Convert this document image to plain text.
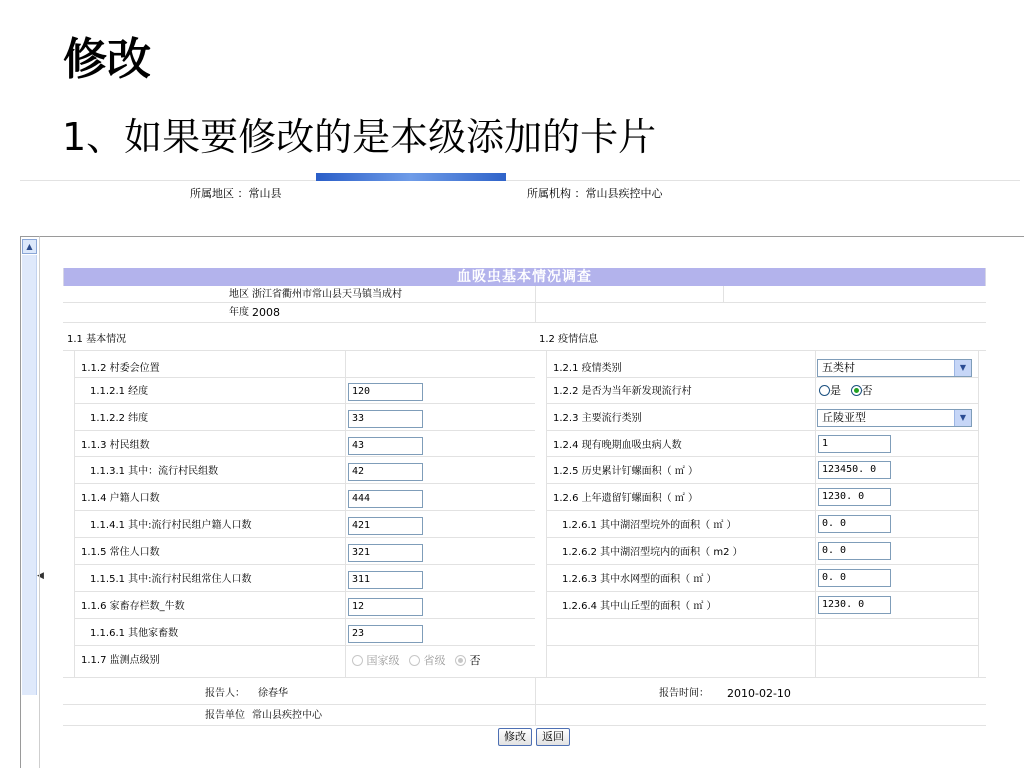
修改
1、如果要修改的是本级添加的卡片
所属地区 ：常山县	所属机构 ：常山县疾控中心
▲
◀
血吸虫基本情况调查
地区 浙江省衢州市常山县天马镇当成村
年度 2008
1.1 基本情况	1.2 疫情信息
1.1.2 村委会位置
1.1.2.1 经度	120
1.1.2.2 纬度	33
1.1.3 村民组数	43
1.1.3.1 其中：流行村民组数	42
1.1.4 户籍人口数	444
1.1.4.1 其中:流行村民组户籍人口数	421
1.1.5 常住人口数	321
1.1.5.1 其中:流行村民组常住人口数	311
1.1.6 家畜存栏数_牛数	12
1.1.6.1 其他家畜数	23
1.1.7 监测点级别	国家级 省级 否
1.2.1 疫情类别	五类村	▼
1.2.2 是否为当年新发现流行村	是 否
1.2.3 主要流行类别	丘陵亚型	▼
1.2.4 现有晚期血吸虫病人数	1
1.2.5 历史累计钉螺面积（ ㎡ ）	123450. 0
1.2.6 上年遗留钉螺面积（ ㎡ ）	1230. 0
1.2.6.1 其中湖沼型垸外的面积（ ㎡ ）	0. 0
1.2.6.2 其中湖沼型垸内的面积（ m2 ）	0. 0
1.2.6.3 其中水网型的面积（ ㎡ ）	0. 0
1.2.6.4 其中山丘型的面积（ ㎡ ）	1230. 0
报告人： 徐春华	报告时间： 2010-02-10
报告单位 常山县疾控中心
修改	返回
